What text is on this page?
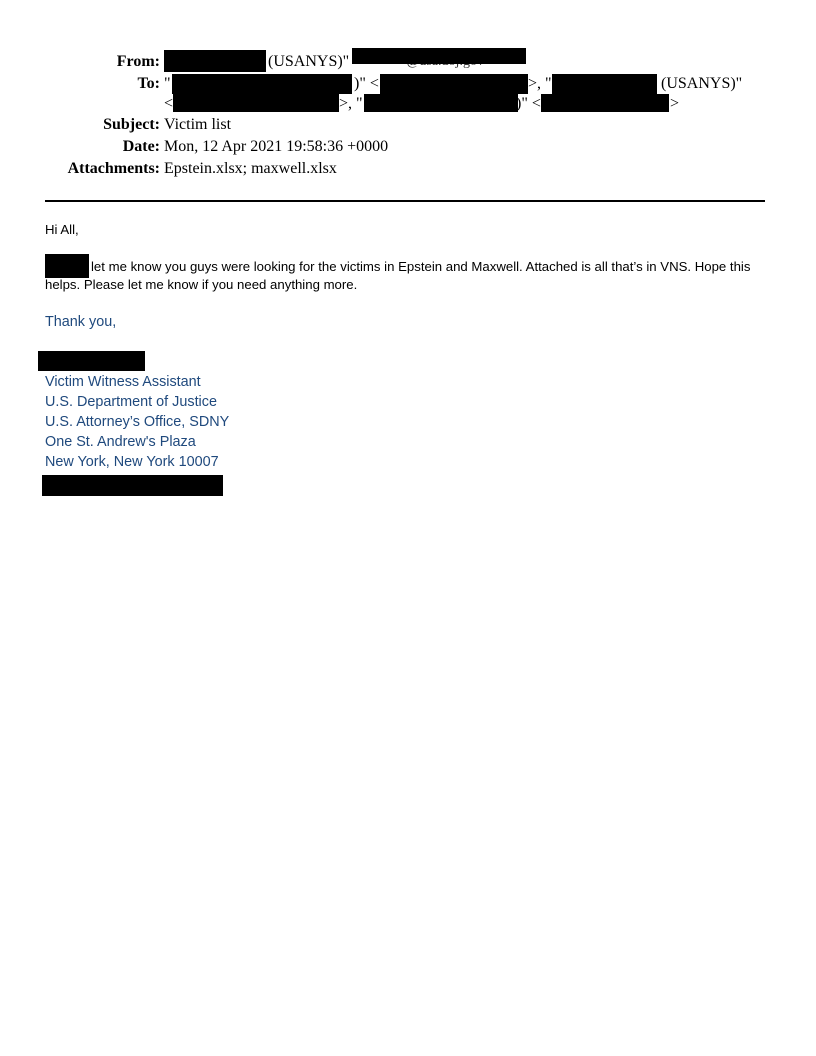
From:	(USANYS)"
To: "	)" <	>, "	(USANYS)"
<	>, "	)" <	>
Subject: Victim list
Date: Mon, 12 Apr 2021 19:58:36 +0000
Attachments: Epstein.xlsx; maxwell.xlsx
Hi All,
let me know you guys were looking for the victims in Epstein and Maxwell. Attached is all that’s in VNS. Hope this
helps. Please let me know if you need anything more.
Thank you,
Victim Witness Assistant
U.S. Department of Justice
U.S. Attorney’s Office, SDNY
One St. Andrew's Plaza
New York, New York 10007
